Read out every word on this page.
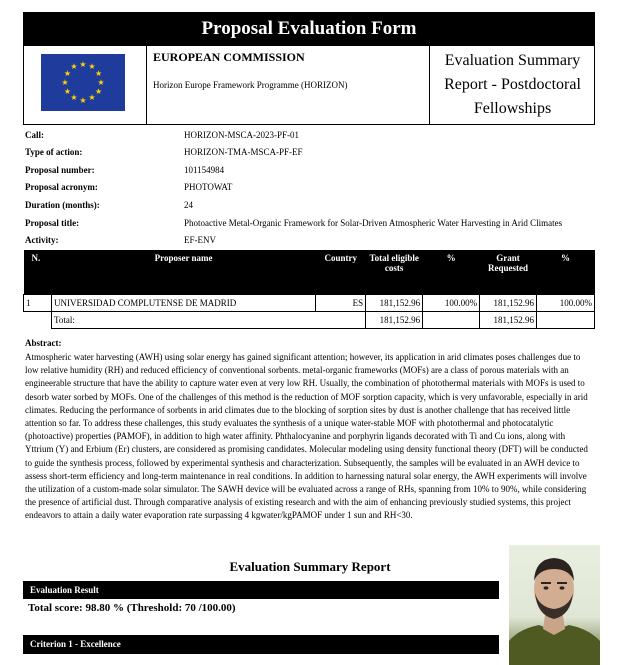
Proposal Evaluation Form
★ ★
★
★
★
★
★
★
★
★
★
★
EUROPEAN COMMISSION
Horizon Europe Framework Programme (HORIZON)
Evaluation Summary Report - Postdoctoral Fellowships
Call:	HORIZON-MSCA-2023-PF-01
Type of action:	HORIZON-TMA-MSCA-PF-EF
Proposal number:	101154984
Proposal acronym:	PHOTOWAT
Duration (months):	24
Proposal title:	Photoactive Metal-Organic Framework for Solar-Driven Atmospheric Water Harvesting in Arid Climates
Activity:	EF-ENV
N.	Proposer name	Country	Total eligible costs	%	Grant Requested	%
1	UNIVERSIDAD COMPLUTENSE DE MADRID	ES	181,152.96	100.00%	181,152.96	100.00%
	Total:		181,152.96		181,152.96	
Abstract:
Atmospheric water harvesting (AWH) using solar energy has gained significant attention; however, its application in arid climates poses challenges due to low relative humidity (RH) and reduced efficiency of conventional sorbents. metal-organic frameworks (MOFs) are a class of porous materials with an engineerable structure that have the ability to capture water even at very low RH. Usually, the combination of photothermal materials with MOFs is used to desorb water sorbed by MOFs. One of the challenges of this method is the reduction of MOF sorption capacity, which is very unfavorable, especially in arid climates. Reducing the performance of sorbents in arid climates due to the blocking of sorption sites by dust is another challenge that has received little attention so far. To address these challenges, this study evaluates the synthesis of a unique water-stable MOF with photothermal and photocatalytic (photoactive) properties (PAMOF), in addition to high water affinity. Phthalocyanine and porphyrin ligands decorated with Ti and Cu ions, along with Yttrium (Y) and Erbium (Er) clusters, are considered as promising candidates. Molecular modeling using density functional theory (DFT) will be conducted to guide the synthesis process, followed by experimental synthesis and characterization. Subsequently, the samples will be evaluated in an AWH device to assess short-term efficiency and long-term maintenance in real conditions. In addition to harnessing natural solar energy, the AWH experiments will involve the utilization of a custom-made solar simulator. The SAWH device will be evaluated across a range of RHs, spanning from 10% to 90%, while considering the presence of artificial dust. Through comparative analysis of existing research and with the aim of enhancing previously studied systems, this project endeavors to attain a daily water evaporation rate surpassing 4 kgwater/kgPAMOF under 1 sun and RH<30.
Evaluation Summary Report
Evaluation Result
Total score: 98.80 % (Threshold: 70 /100.00)
Criterion 1 - Excellence
